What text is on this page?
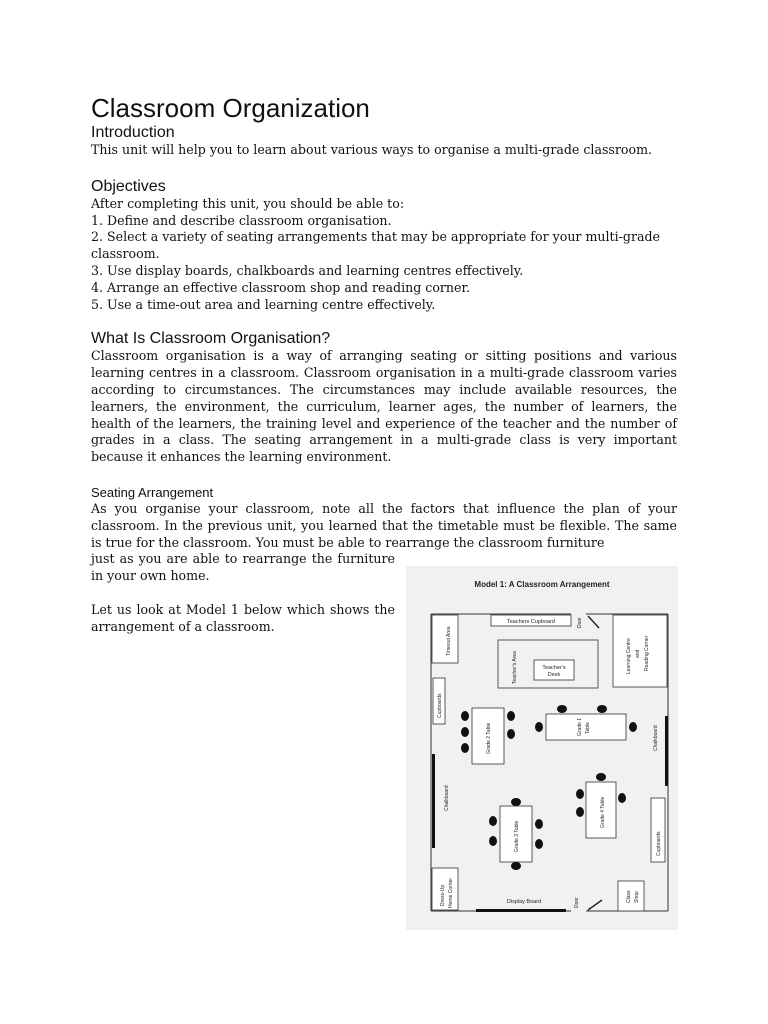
Classroom Organization
Introduction

This unit will help you to learn about various ways to organise a multi-grade classroom.

Objectives

After completing this unit, you should be able to:

1. Define and describe classroom organisation.
2. Select a variety of seating arrangements that may be appropriate for your multi-grade classroom.
3. Use display boards, chalkboards and learning centres effectively.
4. Arrange an effective classroom shop and reading corner.
5. Use a time-out area and learning centre effectively.
What Is Classroom Organisation?

Classroom organisation is a way of arranging seating or sitting positions and various learning centres in a classroom. Classroom organisation in a multi-grade classroom varies according to circumstances. The circumstances may include available resources, the learners, the environment, the curriculum, learner ages, the number of learners, the health of the learners, the training level and experience of the teacher and the number of grades in a class. The seating arrangement in a multi-grade class is very important because it enhances the learning environment.

Seating Arrangement

As you organise your classroom, note all the factors that influence the plan of your classroom. In the previous unit, you learned that the timetable must be flexible. The same is true for the classroom. You must be able to rearrange the classroom furniture

just as you are able to rearrange the furniture in your own home.

Let us look at Model 1 below which shows the arrangement of a classroom.

Model 1: A Classroom Arrangement
Door
Door
Teachers Cupboard
Timeout Area
Teacher's Area	Teacher's
Desk
Learning Centre and Reading Corner
Cupboards
Chalkboard
Chalkboard
Cupboards
Grade 2 Table	Grade 1 Table
Grade 4 Table
Grade 3 Table
Dress-Up Home Corner	Display Board	Class Shop
